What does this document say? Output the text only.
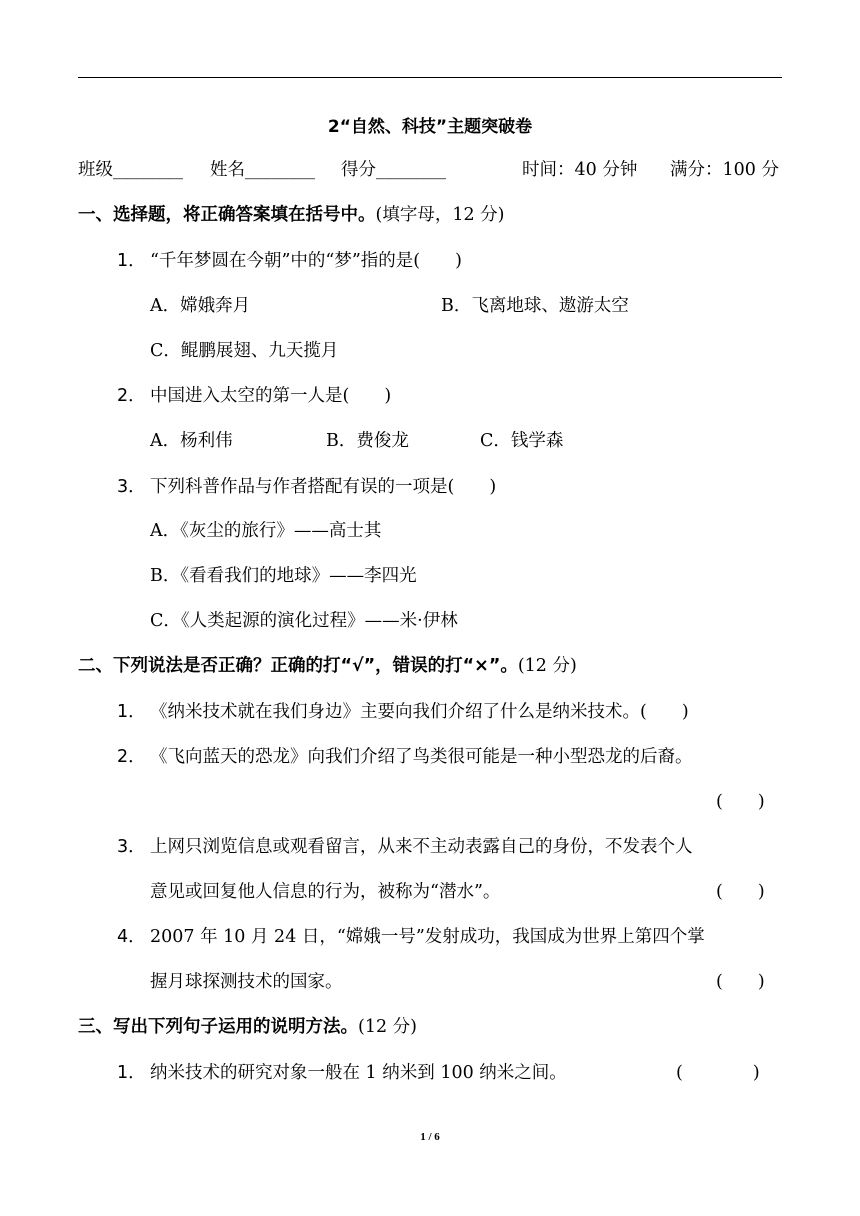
2“自然、科技”主题突破卷
班级________ 姓名________ 得分________	时间：40 分钟 满分：100 分
一、选择题，将正确答案填在括号中。(填字母，12 分)
1． “千年梦圆在今朝”中的“梦”指的是(　　)
A．嫦娥奔月	B．飞离地球、遨游太空
C．鲲鹏展翅、九天揽月
2． 中国进入太空的第一人是(　　)
A．杨利伟	B．费俊龙	C．钱学森
3． 下列科普作品与作者搭配有误的一项是(　　)
A．《灰尘的旅行》——高士其
B．《看看我们的地球》——李四光
C．《人类起源的演化过程》——米·伊林
二、下列说法是否正确？正确的打“√”，错误的打“×”。(12 分)
1． 《纳米技术就在我们身边》主要向我们介绍了什么是纳米技术。(　　)
2． 《飞向蓝天的恐龙》向我们介绍了鸟类很可能是一种小型恐龙的后裔。
(　　)
3． 上网只浏览信息或观看留言，从来不主动表露自己的身份，不发表个人
意见或回复他人信息的行为，被称为“潜水”。	(　　)
4． 2007 年 10 月 24 日，“嫦娥一号”发射成功，我国成为世界上第四个掌
握月球探测技术的国家。	(　　)
三、写出下列句子运用的说明方法。(12 分)
1． 纳米技术的研究对象一般在 1 纳米到 100 纳米之间。	(　　　　)
1 / 6
